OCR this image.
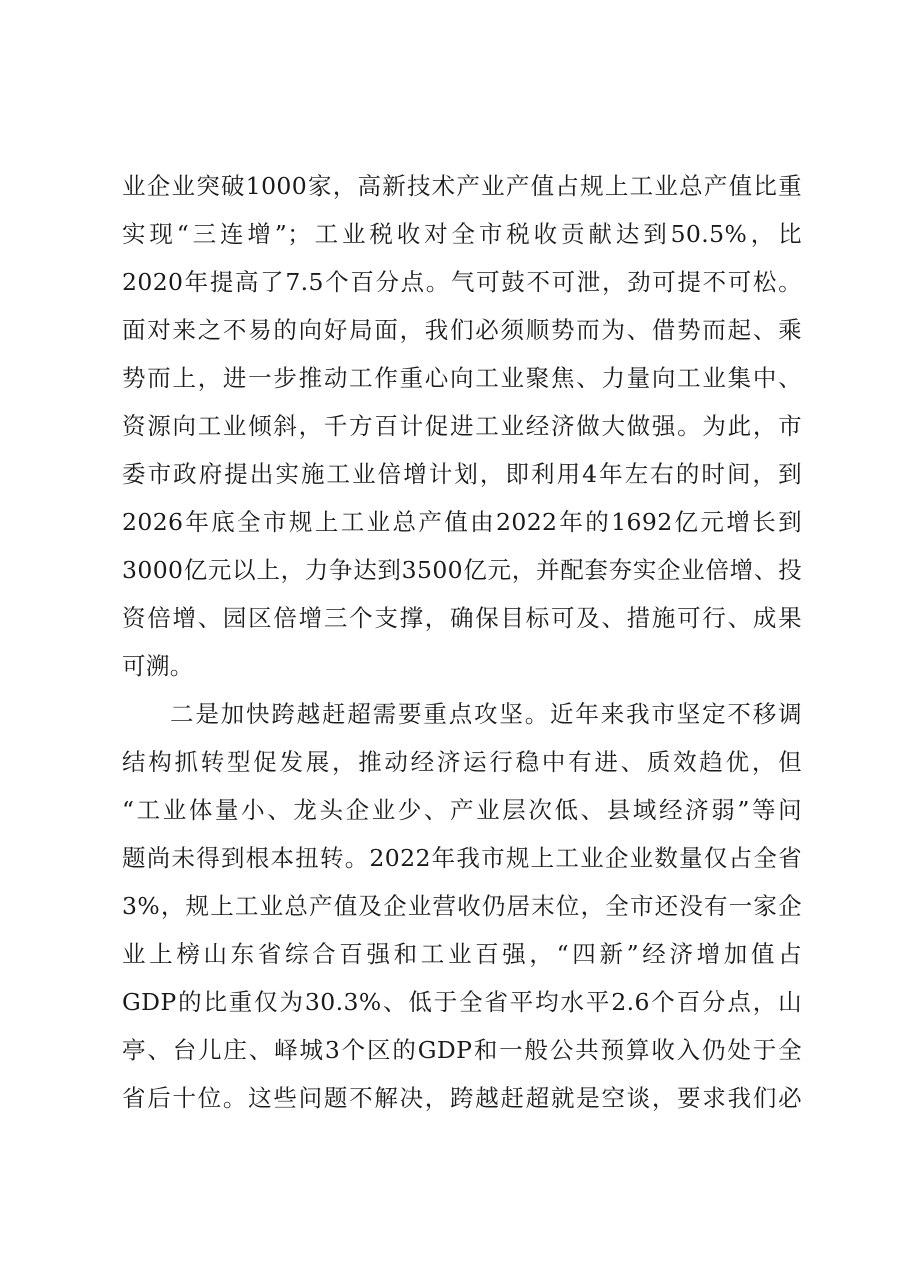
业企业突破1000家，高新技术产业产值占规上工业总产值比重
实现“三连增”；工业税收对全市税收贡献达到50.5%，比
2020年提高了7.5个百分点。气可鼓不可泄，劲可提不可松。
面对来之不易的向好局面，我们必须顺势而为、借势而起、乘
势而上，进一步推动工作重心向工业聚焦、力量向工业集中、
资源向工业倾斜，千方百计促进工业经济做大做强。为此，市
委市政府提出实施工业倍增计划，即利用4年左右的时间，到
2026年底全市规上工业总产值由2022年的1692亿元增长到
3000亿元以上，力争达到3500亿元，并配套夯实企业倍增、投
资倍增、园区倍增三个支撑，确保目标可及、措施可行、成果
可溯。
二是加快跨越赶超需要重点攻坚。近年来我市坚定不移调
结构抓转型促发展，推动经济运行稳中有进、质效趋优，但
“工业体量小、龙头企业少、产业层次低、县域经济弱”等问
题尚未得到根本扭转。2022年我市规上工业企业数量仅占全省
3%，规上工业总产值及企业营收仍居末位，全市还没有一家企
业上榜山东省综合百强和工业百强，“四新”经济增加值占
GDP的比重仅为30.3%、低于全省平均水平2.6个百分点，山
亭、台儿庄、峄城3个区的GDP和一般公共预算收入仍处于全
省后十位。这些问题不解决，跨越赶超就是空谈，要求我们必
